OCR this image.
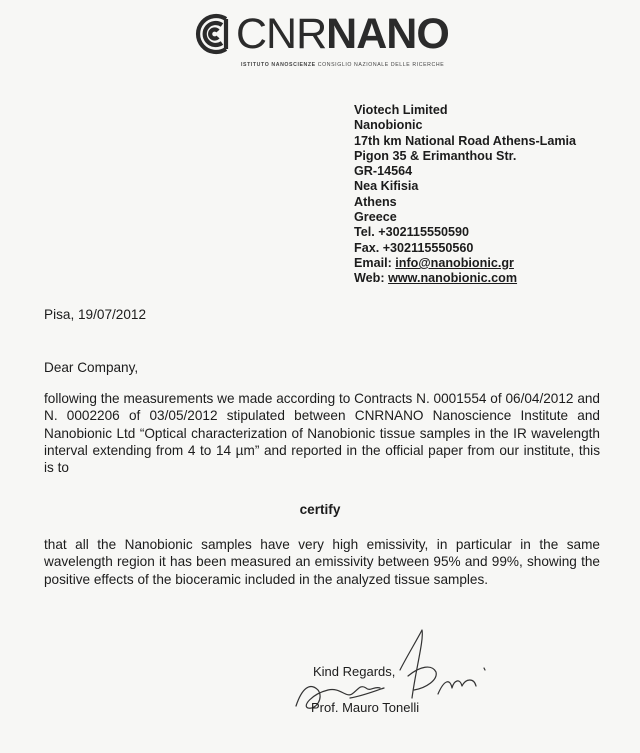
CNRNANO
ISTITUTO NANOSCIENZE CONSIGLIO NAZIONALE DELLE RICERCHE
Viotech Limited
Nanobionic
17th km National Road Athens-Lamia
Pigon 35 & Erimanthou Str.
GR-14564
Nea Kifisia
Athens
Greece
Tel. +302115550590
Fax. +302115550560
Email: info@nanobionic.gr
Web: www.nanobionic.com
Pisa, 19/07/2012
Dear Company,
following the measurements we made according to Contracts N. 0001554 of 06/04/2012 and N. 0002206 of 03/05/2012 stipulated between CNRNANO Nanoscience Institute and Nanobionic Ltd “Optical characterization of Nanobionic tissue samples in the IR wavelength interval extending from 4 to 14 µm” and reported in the official paper from our institute, this is to
certify
that all the Nanobionic samples have very high emissivity, in particular in the same wavelength region it has been measured an emissivity between 95% and 99%, showing the positive effects of the bioceramic included in the analyzed tissue samples.
Kind Regards,
Prof. Mauro Tonelli
